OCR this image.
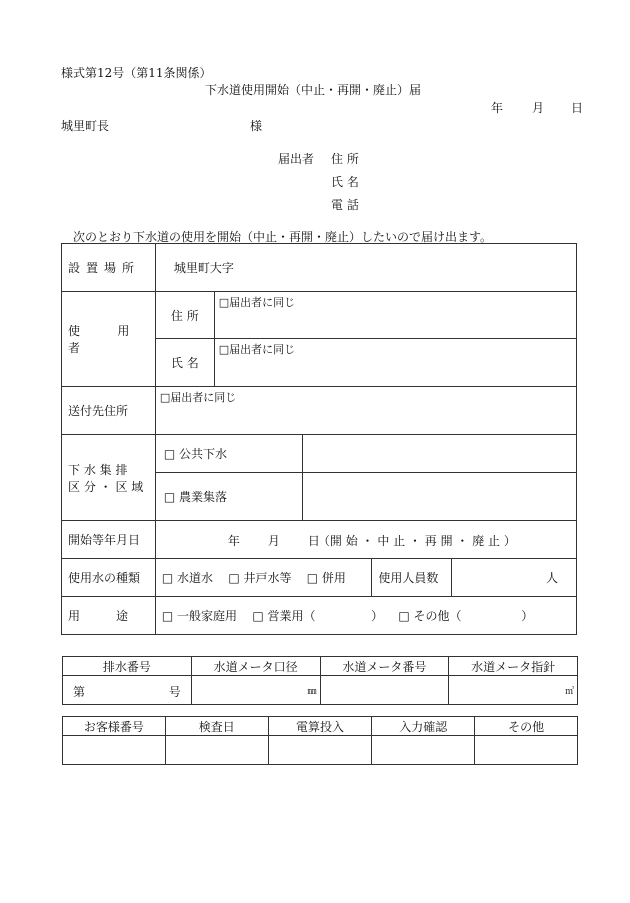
様式第12号（第11条関係）
下水道使用開始（中止・再開・廃止）届
年 月 日
城里町長	様
届出者 住 所
氏 名
電 話
次のとおり下水道の使用を開始（中止・再開・廃止）したいので届け出ます。
設置場所	城里町大字				
使 用 者	住 所	□届出者に同じ			
	氏 名	□届出者に同じ			
送付先住所	□届出者に同じ				

下 水 集 排
区 分 ・ 区 域	□ 公共下水				
	□ 農業集落				
開始等年月日	年 月 日
（開 始 ・ 中 止 ・ 再 開 ・ 廃 止 ）				

使用水の種類	□ 水道水 □ 井戸水等 □ 併用			使用人員数	人
用　　　途	□ 一般家庭用 □ 営業用（ ） □ その他（ ）				
排水番号	水道メータ口径	水道メータ番号	水道メータ指針

第 号	㎜		㎥
お客様番号	検査日	電算投入	入力確認	その他
